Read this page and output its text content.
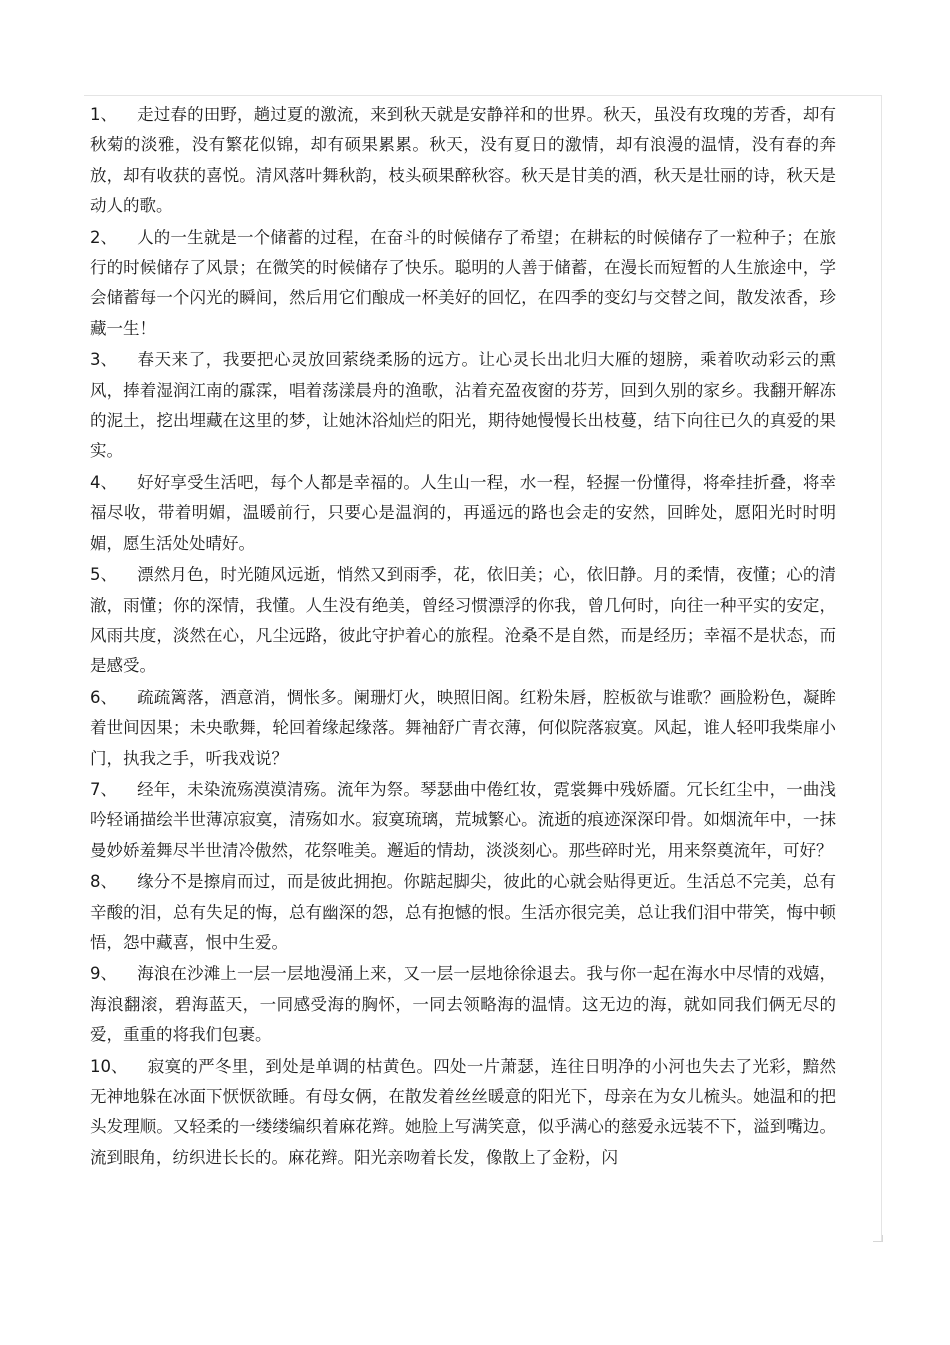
1、 走过春的田野，趟过夏的激流，来到秋天就是安静祥和的世界。秋天，虽没有玫瑰的芳香，却有秋菊的淡雅，没有繁花似锦，却有硕果累累。秋天，没有夏日的激情，却有浪漫的温情，没有春的奔放，却有收获的喜悦。清风落叶舞秋韵，枝头硕果醉秋容。秋天是甘美的酒，秋天是壮丽的诗，秋天是动人的歌。

2、 人的一生就是一个储蓄的过程，在奋斗的时候储存了希望；在耕耘的时候储存了一粒种子；在旅行的时候储存了风景；在微笑的时候储存了快乐。聪明的人善于储蓄，在漫长而短暂的人生旅途中，学会储蓄每一个闪光的瞬间，然后用它们酿成一杯美好的回忆，在四季的变幻与交替之间，散发浓香，珍藏一生！

3、 春天来了，我要把心灵放回萦绕柔肠的远方。让心灵长出北归大雁的翅膀，乘着吹动彩云的熏风，捧着湿润江南的霡霂，唱着荡漾晨舟的渔歌，沾着充盈夜窗的芬芳，回到久别的家乡。我翻开解冻的泥土，挖出埋藏在这里的梦，让她沐浴灿烂的阳光，期待她慢慢长出枝蔓，结下向往已久的真爱的果实。

4、 好好享受生活吧，每个人都是幸福的。人生山一程，水一程，轻握一份懂得，将牵挂折叠，将幸福尽收，带着明媚，温暖前行，只要心是温润的，再遥远的路也会走的安然，回眸处，愿阳光时时明媚，愿生活处处晴好。

5、 漂然月色，时光随风远逝，悄然又到雨季，花，依旧美；心，依旧静。月的柔情，夜懂；心的清澈，雨懂；你的深情，我懂。人生没有绝美，曾经习惯漂浮的你我，曾几何时，向往一种平实的安定，风雨共度，淡然在心，凡尘远路，彼此守护着心的旅程。沧桑不是自然，而是经历；幸福不是状态，而是感受。

6、 疏疏篱落，酒意消，惆怅多。阑珊灯火，映照旧阁。红粉朱唇，腔板欲与谁歌？画脸粉色，凝眸着世间因果；未央歌舞，轮回着缘起缘落。舞袖舒广青衣薄，何似院落寂寞。风起，谁人轻叩我柴扉小门，执我之手，听我戏说？

7、 经年，未染流殇漠漠清殇。流年为祭。琴瑟曲中倦红妆，霓裳舞中残娇靥。冗长红尘中，一曲浅吟轻诵描绘半世薄凉寂寞，清殇如水。寂寞琉璃，荒城繁心。流逝的痕迹深深印骨。如烟流年中，一抹曼妙娇羞舞尽半世清冷傲然，花祭唯美。邂逅的情劫，淡淡刻心。那些碎时光，用来祭奠流年，可好？

8、 缘分不是擦肩而过，而是彼此拥抱。你踮起脚尖，彼此的心就会贴得更近。生活总不完美，总有辛酸的泪，总有失足的悔，总有幽深的怨，总有抱憾的恨。生活亦很完美，总让我们泪中带笑，悔中顿悟，怨中藏喜，恨中生爱。

9、 海浪在沙滩上一层一层地漫涌上来，又一层一层地徐徐退去。我与你一起在海水中尽情的戏嬉，海浪翻滚，碧海蓝天，一同感受海的胸怀，一同去领略海的温情。这无边的海，就如同我们俩无尽的爱，重重的将我们包裹。

10、 寂寞的严冬里，到处是单调的枯黄色。四处一片萧瑟，连往日明净的小河也失去了光彩，黯然无神地躲在冰面下恹恹欲睡。有母女俩，在散发着丝丝暖意的阳光下，母亲在为女儿梳头。她温和的把头发理顺。又轻柔的一缕缕编织着麻花辫。她脸上写满笑意，似乎满心的慈爱永远装不下，溢到嘴边。流到眼角，纺织进长长的。麻花辫。阳光亲吻着长发，像散上了金粉，闪
